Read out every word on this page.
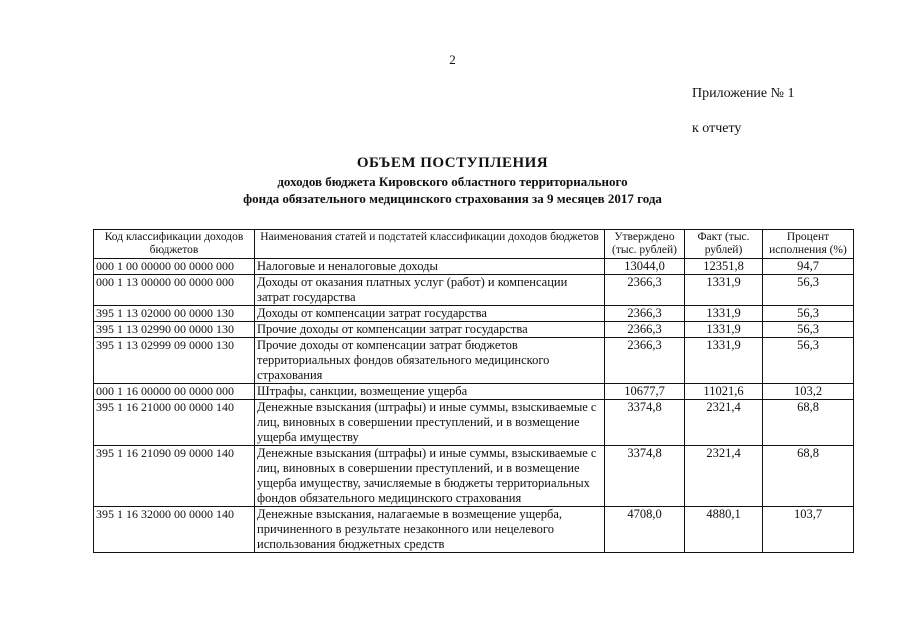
2
Приложение № 1
к отчету
ОБЪЕМ ПОСТУПЛЕНИЯ
доходов бюджета Кировского областного территориального
фонда обязательного медицинского страхования за 9 месяцев 2017 года
Код классификации доходов бюджетов	Наименования статей и подстатей классификации доходов бюджетов	Утверждено (тыс. рублей)	Факт (тыс. рублей)	Процент исполнения (%)
000 1 00 00000 00 0000 000	Налоговые и неналоговые доходы	13044,0	12351,8	94,7
000 1 13 00000 00 0000 000	Доходы от оказания платных услуг (работ) и компенсации затрат государства	2366,3	1331,9	56,3
395 1 13 02000 00 0000 130	Доходы от компенсации затрат государства	2366,3	1331,9	56,3
395 1 13 02990 00 0000 130	Прочие доходы от компенсации затрат государства	2366,3	1331,9	56,3
395 1 13 02999 09 0000 130	Прочие доходы от компенсации затрат бюджетов территориальных фондов обязательного медицинского страхования	2366,3	1331,9	56,3
000 1 16 00000 00 0000 000	Штрафы, санкции, возмещение ущерба	10677,7	11021,6	103,2
395 1 16 21000 00 0000 140	Денежные взыскания (штрафы) и иные суммы, взыскиваемые с лиц, виновных в совершении преступлений, и в возмещение ущерба имуществу	3374,8	2321,4	68,8
395 1 16 21090 09 0000 140	Денежные взыскания (штрафы) и иные суммы, взыскиваемые с лиц, виновных в совершении преступлений, и в возмещение ущерба имуществу, зачисляемые в бюджеты территориальных фондов обязательного медицинского страхования	3374,8	2321,4	68,8
395 1 16 32000 00 0000 140	Денежные взыскания, налагаемые в возмещение ущерба, причиненного в результате незаконного или нецелевого использования бюджетных средств	4708,0	4880,1	103,7
